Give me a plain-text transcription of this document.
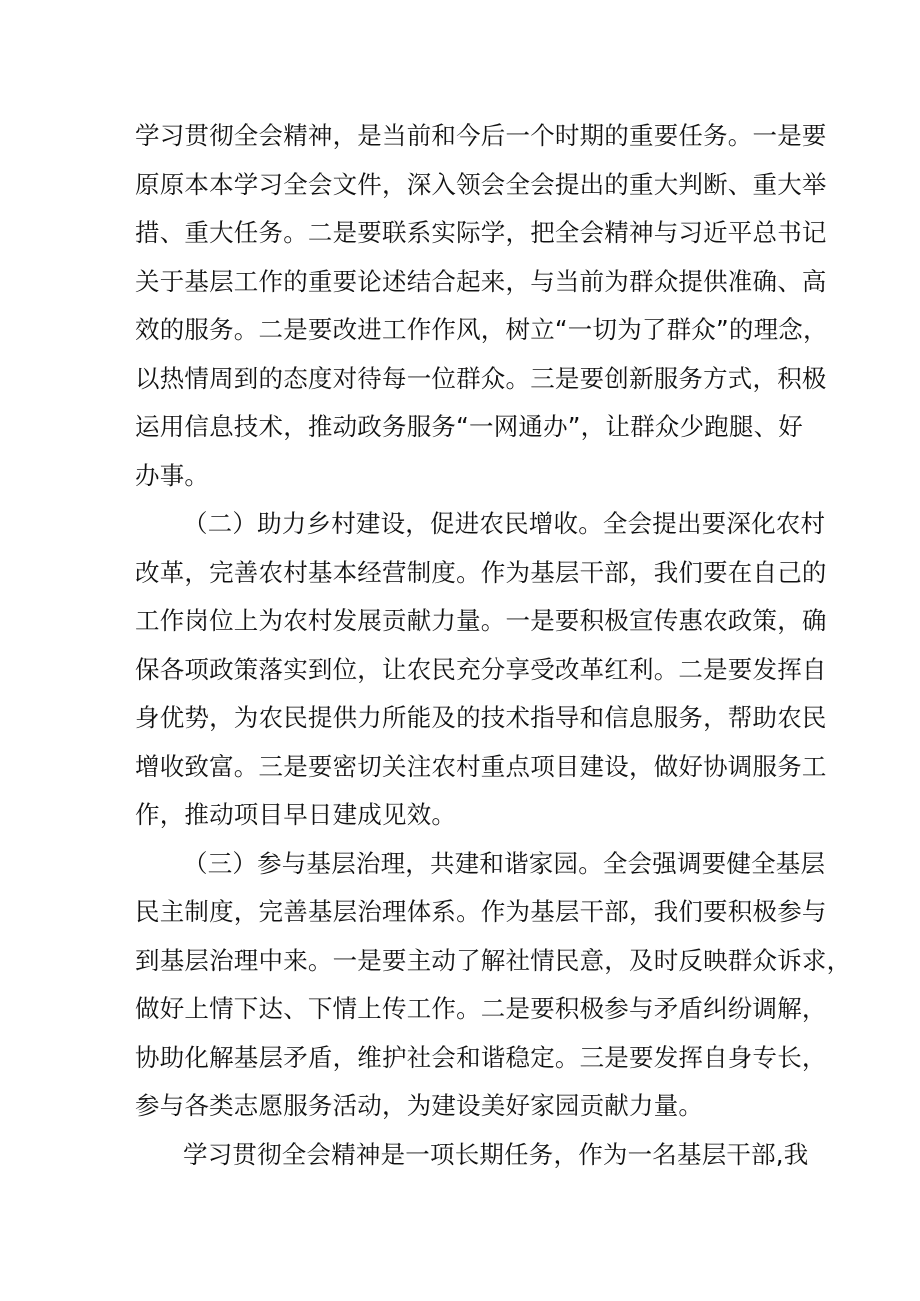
学习贯彻全会精神，是当前和今后一个时期的重要任务。一是要
原原本本学习全会文件，深入领会全会提出的重大判断、重大举
措、重大任务。二是要联系实际学，把全会精神与习近平总书记
关于基层工作的重要论述结合起来，与当前为群众提供准确、高
效的服务。二是要改进工作作风，树立“一切为了群众”的理念，
以热情周到的态度对待每一位群众。三是要创新服务方式，积极
运用信息技术，推动政务服务“一网通办”，让群众少跑腿、好
办事。
（二）助力乡村建设，促进农民增收。全会提出要深化农村
改革，完善农村基本经营制度。作为基层干部，我们要在自己的
工作岗位上为农村发展贡献力量。一是要积极宣传惠农政策，确
保各项政策落实到位，让农民充分享受改革红利。二是要发挥自
身优势，为农民提供力所能及的技术指导和信息服务，帮助农民
增收致富。三是要密切关注农村重点项目建设，做好协调服务工
作，推动项目早日建成见效。
（三）参与基层治理，共建和谐家园。全会强调要健全基层
民主制度，完善基层治理体系。作为基层干部，我们要积极参与
到基层治理中来。一是要主动了解社情民意，及时反映群众诉求，
做好上情下达、下情上传工作。二是要积极参与矛盾纠纷调解，
协助化解基层矛盾，维护社会和谐稳定。三是要发挥自身专长，
参与各类志愿服务活动，为建设美好家园贡献力量。
学习贯彻全会精神是一项长期任务，作为一名基层干部,我
